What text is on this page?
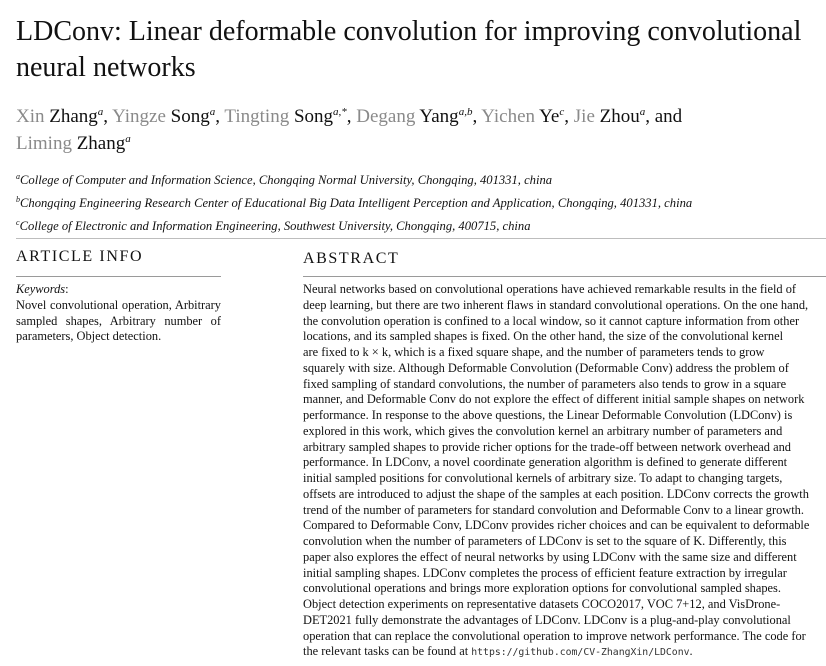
LDConv: Linear deformable convolution for improving convolutional neural networks
Xin Zhang$^a$, Yingze Song$^a$, Tingting Song$^{a,*}$, Degang Yang$^{a,b}$, Yichen Ye$^c$, Jie Zhou$^a$, and
Liming Zhang$^a$
$^a$College of Computer and Information Science, Chongqing Normal University, Chongqing, 401331, china
$^b$Chongqing Engineering Research Center of Educational Big Data Intelligent Perception and Application, Chongqing, 401331, china
$^c$College of Electronic and Information Engineering, Southwest University, Chongqing, 400715, china
ARTICLE INFO
Keywords:
Novel convolutional operation, Arbitrary sampled shapes, Arbitrary number of parameters, Object detection.
ABSTRACT
Neural networks based on convolutional operations have achieved remarkable results in the field of
deep learning, but there are two inherent flaws in standard convolutional operations. On the one hand,
the convolution operation is confined to a local window, so it cannot capture information from other
locations, and its sampled shapes is fixed. On the other hand, the size of the convolutional kernel
are fixed to k × k, which is a fixed square shape, and the number of parameters tends to grow
squarely with size. Although Deformable Convolution (Deformable Conv) address the problem of
fixed sampling of standard convolutions, the number of parameters also tends to grow in a square
manner, and Deformable Conv do not explore the effect of different initial sample shapes on network
performance. In response to the above questions, the Linear Deformable Convolution (LDConv) is
explored in this work, which gives the convolution kernel an arbitrary number of parameters and
arbitrary sampled shapes to provide richer options for the trade-off between network overhead and
performance. In LDConv, a novel coordinate generation algorithm is defined to generate different
initial sampled positions for convolutional kernels of arbitrary size. To adapt to changing targets,
offsets are introduced to adjust the shape of the samples at each position. LDConv corrects the growth
trend of the number of parameters for standard convolution and Deformable Conv to a linear growth.
Compared to Deformable Conv, LDConv provides richer choices and can be equivalent to deformable
convolution when the number of parameters of LDConv is set to the square of K. Differently, this
paper also explores the effect of neural networks by using LDConv with the same size and different
initial sampling shapes. LDConv completes the process of efficient feature extraction by irregular
convolutional operations and brings more exploration options for convolutional sampled shapes.
Object detection experiments on representative datasets COCO2017, VOC 7+12, and VisDrone-
DET2021 fully demonstrate the advantages of LDConv. LDConv is a plug-and-play convolutional
operation that can replace the convolutional operation to improve network performance. The code for
the relevant tasks can be found at https://github.com/CV-ZhangXin/LDConv.
